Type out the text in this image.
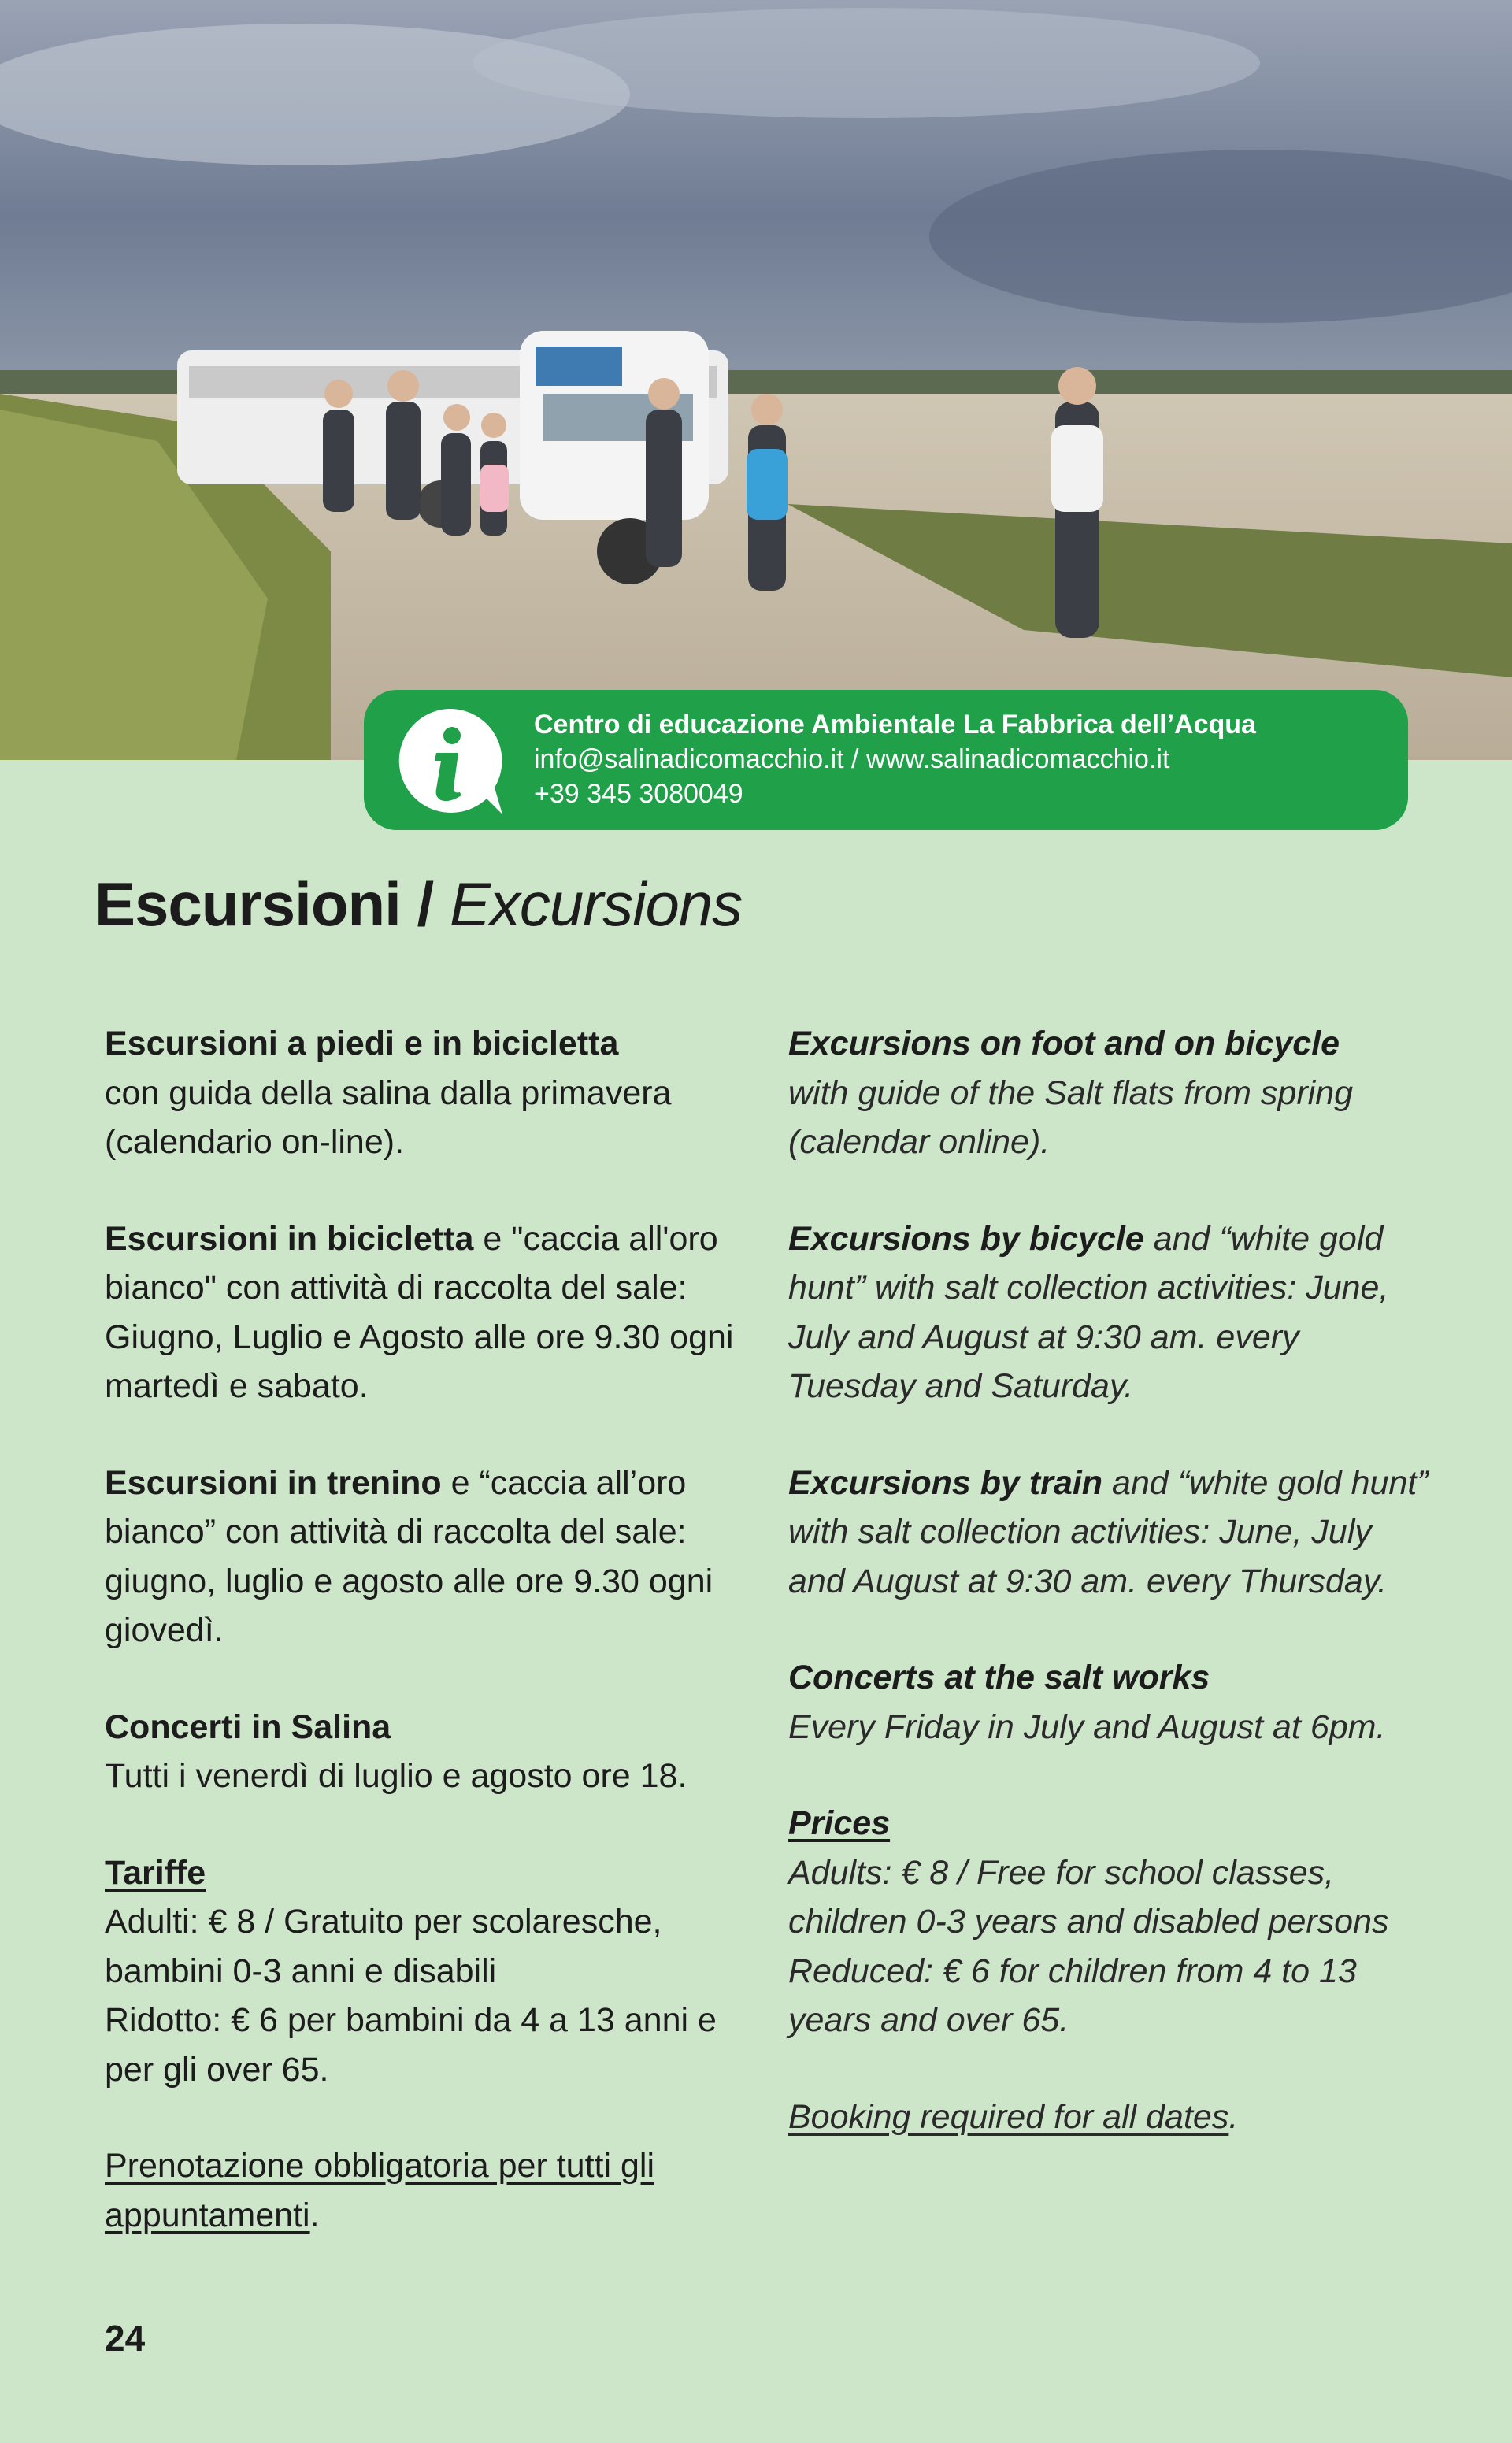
Centro di educazione Ambientale La Fabbrica dell’Acqua
info@salinadicomacchio.it / www.salinadicomacchio.it
+39 345 3080049
Escursioni / Excursions

Escursioni a piedi e in bicicletta
con guida della salina dalla primavera (calendario on-line).

Escursioni in bicicletta e "caccia all'oro bianco" con attività di raccolta del sale: Giugno, Luglio e Agosto alle ore 9.30 ogni martedì e sabato.

Escursioni in trenino e “caccia all’oro bianco” con attività di raccolta del sale: giugno, luglio e agosto alle ore 9.30 ogni giovedì.

Concerti in Salina
Tutti i venerdì di luglio e agosto ore 18.

Tariffe
Adulti: € 8 / Gratuito per scolaresche, bambini 0-3 anni e disabili
Ridotto: € 6 per bambini da 4 a 13 anni e per gli over 65.

Prenotazione obbligatoria per tutti gli appuntamenti.

Excursions on foot and on bicycle
with guide of the Salt flats from spring (calendar online).

Excursions by bicycle and “white gold hunt” with salt collection activities: June, July and August at 9:30 am. every Tuesday and Saturday.

Excursions by train and “white gold hunt” with salt collection activities: June, July and August at 9:30 am. every Thursday.

Concerts at the salt works
Every Friday in July and August at 6pm.

Prices
Adults: € 8 / Free for school classes, children 0-3 years and disabled persons
Reduced: € 6 for children from 4 to 13 years and over 65.

Booking required for all dates.

24
